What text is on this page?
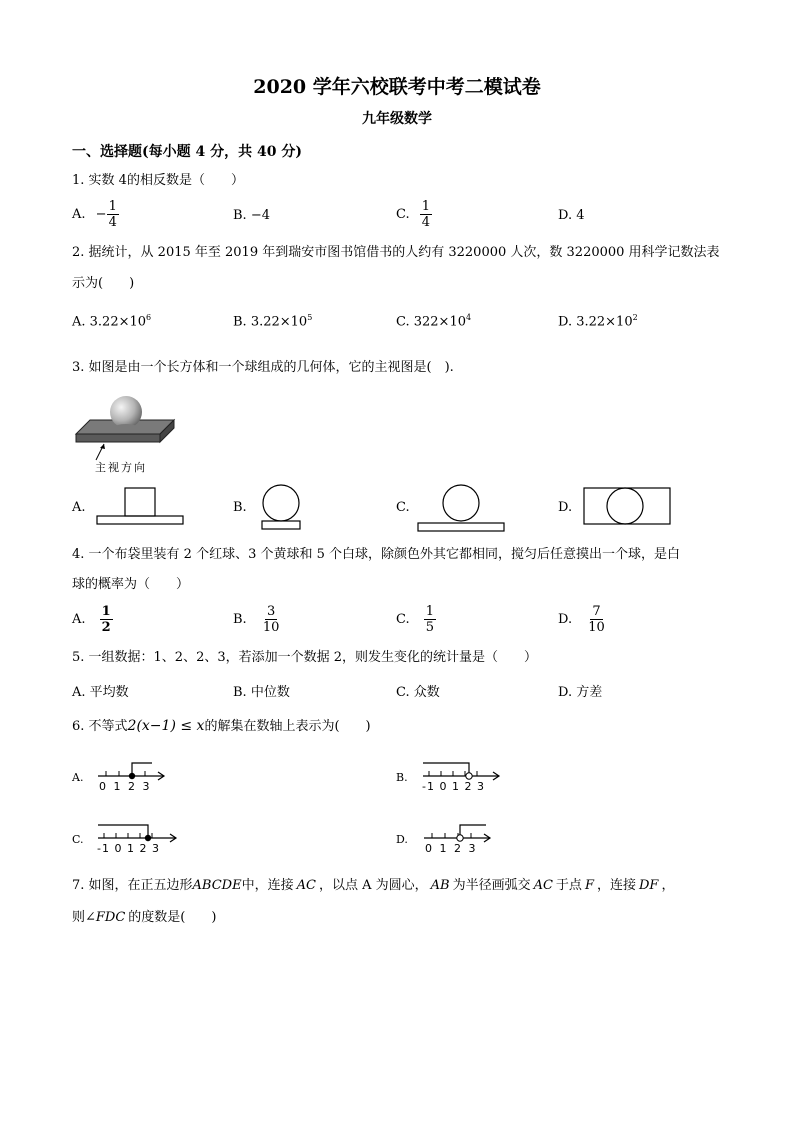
2020 学年六校联考中考二模试卷
九年级数学
一、选择题(每小题 4 分，共 40 分)
1. 实数 4的相反数是（　　）
A. − $\frac{1}{4}$	B. −4	C. $\frac{1}{4}$	D. 4
2. 据统计，从 2015 年至 2019 年到瑞安市图书馆借书的人约有 3220000 人次，数 3220000 用科学记数法表
示为(　　)
A. $3.22\times 10^6$	B. $3.22\times 10^5$	C. $322\times 10^4$	D. $3.22\times 10^2$
3. 如图是由一个长方体和一个球组成的几何体，它的主视图是(　).
主视方向
A.	B.	C.	D.
4. 一个布袋里装有 2 个红球、3 个黄球和 5 个白球，除颜色外其它都相同，搅匀后任意摸出一个球，是白
球的概率为（　　）
A. $\frac{1}{2}$	B. $\frac{3}{10}$	C. $\frac{1}{5}$	D. $\frac{7}{10}$
5. 一组数据：1、2、2、3，若添加一个数据 2，则发生变化的统计量是（　　）
A. 平均数	B. 中位数	C. 众数	D. 方差
6. 不等式2(x−1) ≤ x的解集在数轴上表示为(　　)
A.
0 1 2 3
B.
-1 0 1 2 3
C.
-1 0 1 2 3
D.
0 1 2 3
7. 如图，在正五边形ABCDE中，连接 AC ，以点 A 为圆心， AB 为半径画弧交 AC 于点 F ，连接 DF ，
则∠FDC 的度数是(　　)
